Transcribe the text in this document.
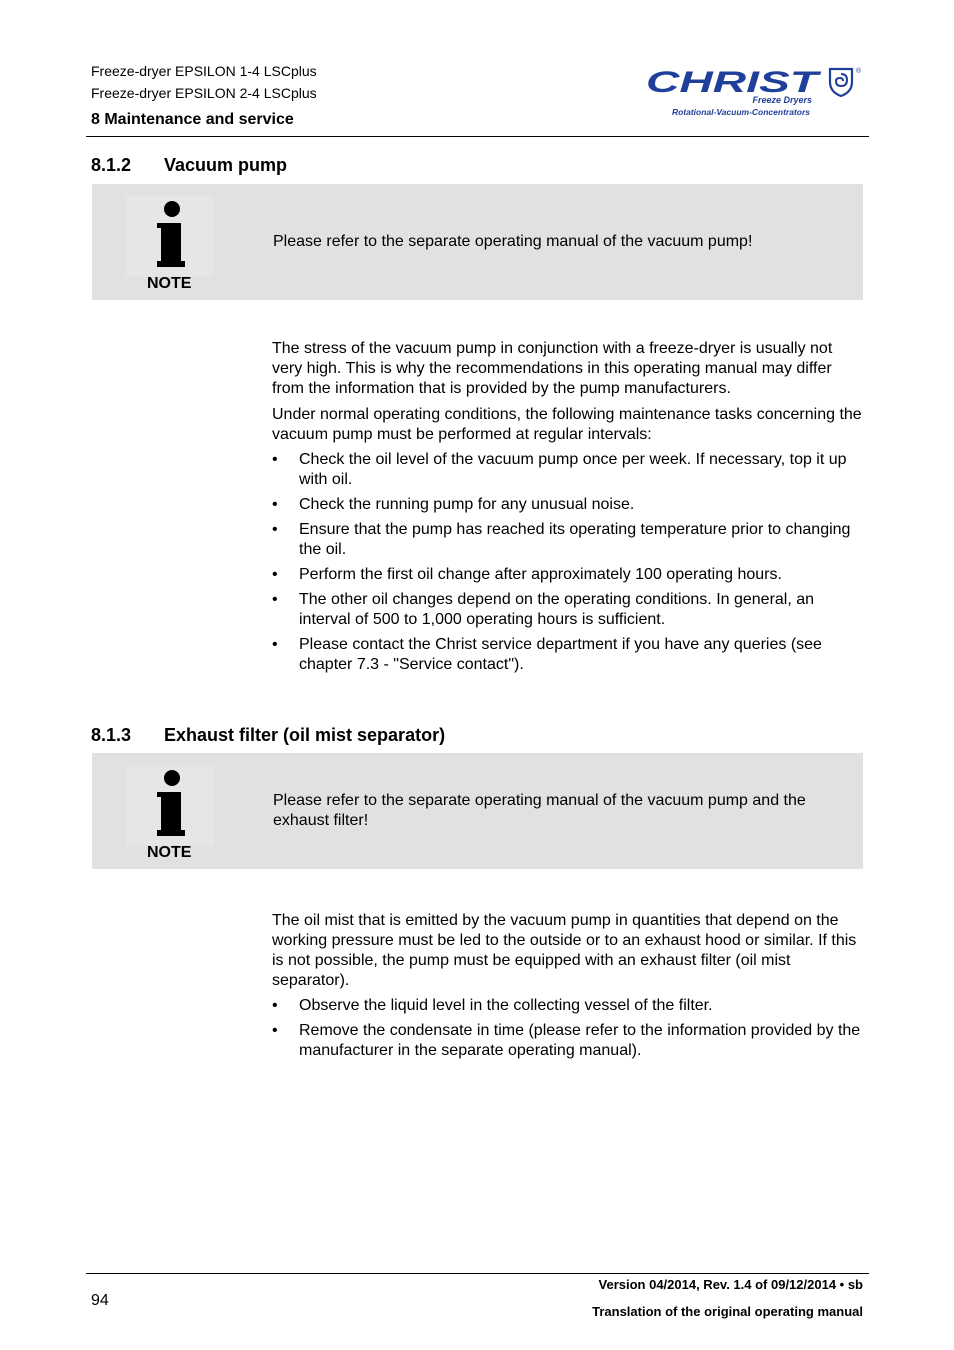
Freeze-dryer EPSILON 1-4 LSCplus
Freeze-dryer EPSILON 2-4 LSCplus
8 Maintenance and service
CHRIST
Freeze Dryers
Rotational-Vacuum-Concentrators
®
8.1.2 Vacuum pump
NOTE
Please refer to the separate operating manual of the vacuum pump!
The stress of the vacuum pump in conjunction with a freeze-dryer is usually not very high. This is why the recommendations in this operating manual may differ from the information that is provided by the pump manufacturers.
Under normal operating conditions, the following maintenance tasks concerning the vacuum pump must be performed at regular intervals:
• Check the oil level of the vacuum pump once per week. If necessary, top it up with oil.
• Check the running pump for any unusual noise.
• Ensure that the pump has reached its operating temperature prior to changing the oil.
• Perform the first oil change after approximately 100 operating hours.
• The other oil changes depend on the operating conditions. In general, an interval of 500 to 1,000 operating hours is sufficient.
• Please contact the Christ service department if you have any queries (see chapter 7.3 - "Service contact").
8.1.3 Exhaust filter (oil mist separator)
NOTE
Please refer to the separate operating manual of the vacuum pump and the exhaust filter!
The oil mist that is emitted by the vacuum pump in quantities that depend on the working pressure must be led to the outside or to an exhaust hood or similar. If this is not possible, the pump must be equipped with an exhaust filter (oil mist separator).
• Observe the liquid level in the collecting vessel of the filter.
• Remove the condensate in time (please refer to the information provided by the manufacturer in the separate operating manual).
94
Version 04/2014, Rev. 1.4 of 09/12/2014 • sb
Translation of the original operating manual
